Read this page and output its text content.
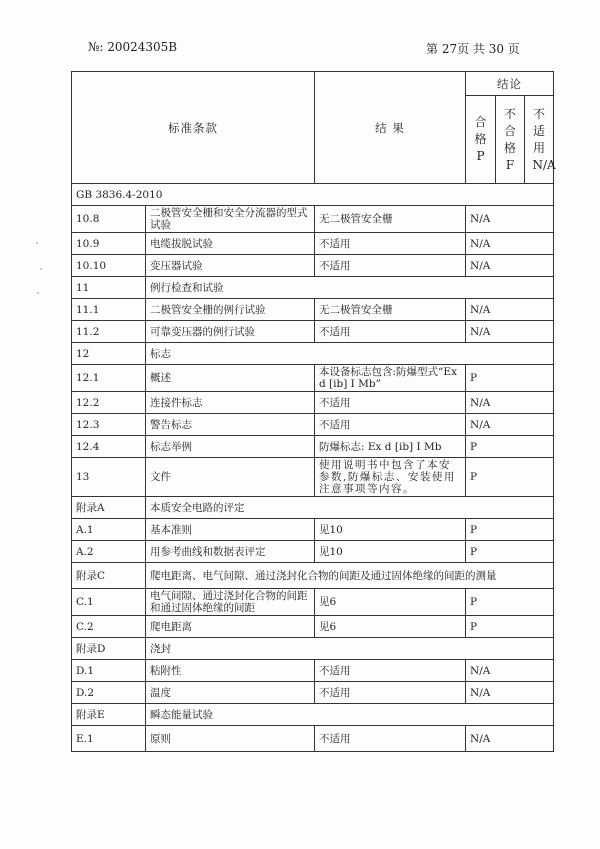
№: 20024305B	第 27页 共 30 页
标准条款		结 果	结论		

			合格P	不合格F	不适用N/A

GB 3836.4-2010					
10.8	二极管安全栅和安全分流器的型式试验	无二极管安全栅	N/A		
10.9	电缆拔脱试验	不适用	N/A		
10.10	变压器试验	不适用	N/A		
11	例行检查和试验				
11.1	二极管安全栅的例行试验	无二极管安全栅	N/A		
11.2	可靠变压器的例行试验	不适用	N/A		
12	标志				
12.1	概述	本设备标志包含:防爆型式“Ex d [ib] I Mb”	P		
12.2	连接件标志	不适用	N/A		
12.3	警告标志	不适用	N/A		
12.4	标志举例	防爆标志: Ex d [ib] I Mb	P		
13	文件	使用说明书中包含了本安参数,防爆标志、安装使用注意事项等内容。	P		
附录A	本质安全电路的评定				
A.1	基本准则	见10	P		
A.2	用参考曲线和数据表评定	见10	P		
附录C	爬电距离、电气间隙、通过浇封化合物的间距及通过固体绝缘的间距的测量				
C.1	电气间隙、通过浇封化合物的间距和通过固体绝缘的间距	见6	P		
C.2	爬电距离	见6	P		
附录D	浇封				
D.1	粘附性	不适用	N/A		
D.2	温度	不适用	N/A		
附录E	瞬态能量试验				
E.1	原则	不适用	N/A		
